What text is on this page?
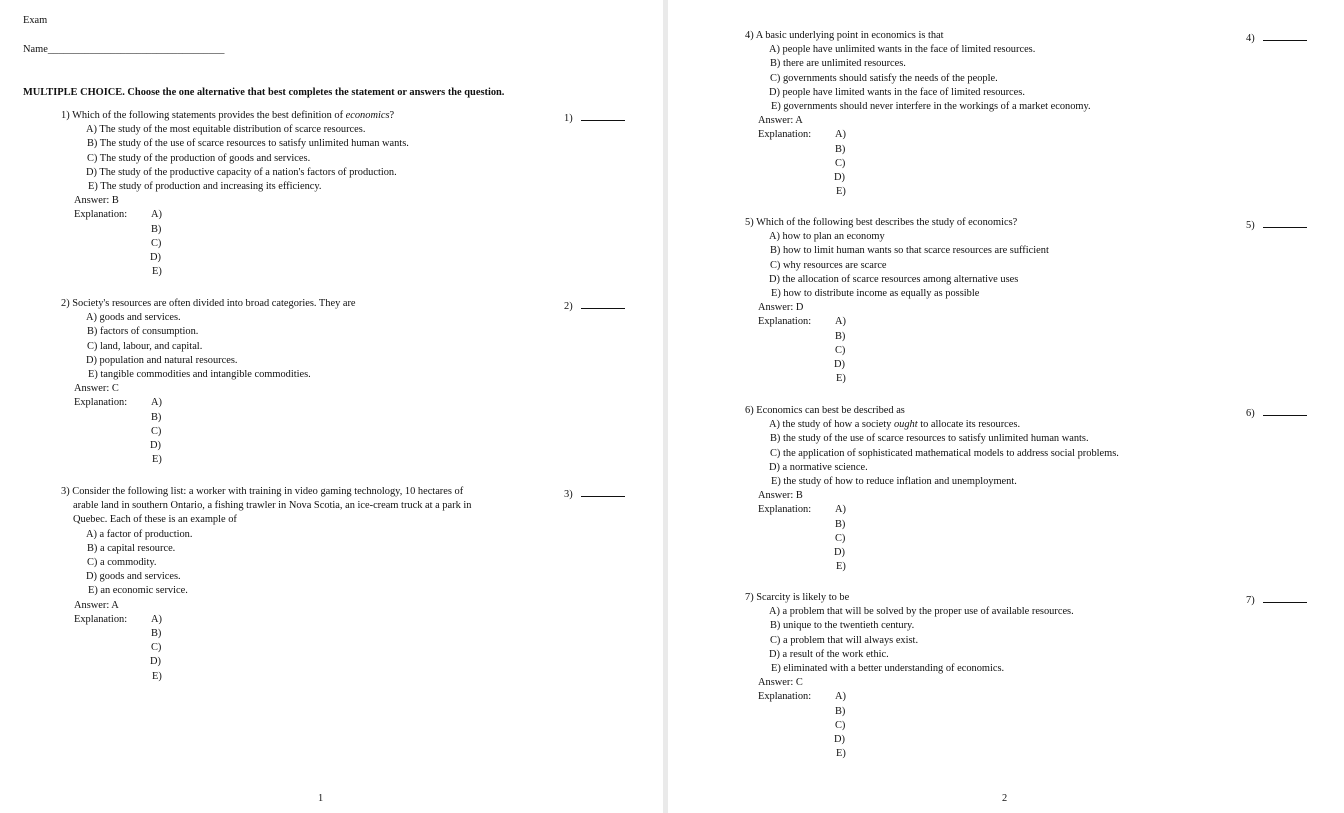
Exam
Name__________________________________
MULTIPLE CHOICE. Choose the one alternative that best completes the statement or answers the question.
1) Which of the following statements provides the best definition of economics?
A) The study of the most equitable distribution of scarce resources.
B) The study of the use of scarce resources to satisfy unlimited human wants.
C) The study of the production of goods and services.
D) The study of the productive capacity of a nation's factors of production.
E) The study of production and increasing its efficiency.
Answer: B
Explanation: A)
B)
C)
D)
E)
1)
2) Society's resources are often divided into broad categories. They are
A) goods and services.
B) factors of consumption.
C) land, labour, and capital.
D) population and natural resources.
E) tangible commodities and intangible commodities.
Answer: C
Explanation: A)
B)
C)
D)
E)
2)
3) Consider the following list: a worker with training in video gaming technology, 10 hectares of
arable land in southern Ontario, a fishing trawler in Nova Scotia, an ice-cream truck at a park in
Quebec. Each of these is an example of
A) a factor of production.
B) a capital resource.
C) a commodity.
D) goods and services.
E) an economic service.
Answer: A
Explanation: A)
B)
C)
D)
E)
3)
1
4) A basic underlying point in economics is that
A) people have unlimited wants in the face of limited resources.
B) there are unlimited resources.
C) governments should satisfy the needs of the people.
D) people have limited wants in the face of limited resources.
E) governments should never interfere in the workings of a market economy.
Answer: A
Explanation: A)
B)
C)
D)
E)
4)
5) Which of the following best describes the study of economics?
A) how to plan an economy
B) how to limit human wants so that scarce resources are sufficient
C) why resources are scarce
D) the allocation of scarce resources among alternative uses
E) how to distribute income as equally as possible
Answer: D
Explanation: A)
B)
C)
D)
E)
5)
6) Economics can best be described as
A) the study of how a society ought to allocate its resources.
B) the study of the use of scarce resources to satisfy unlimited human wants.
C) the application of sophisticated mathematical models to address social problems.
D) a normative science.
E) the study of how to reduce inflation and unemployment.
Answer: B
Explanation: A)
B)
C)
D)
E)
6)
7) Scarcity is likely to be
A) a problem that will be solved by the proper use of available resources.
B) unique to the twentieth century.
C) a problem that will always exist.
D) a result of the work ethic.
E) eliminated with a better understanding of economics.
Answer: C
Explanation: A)
B)
C)
D)
E)
7)
2
